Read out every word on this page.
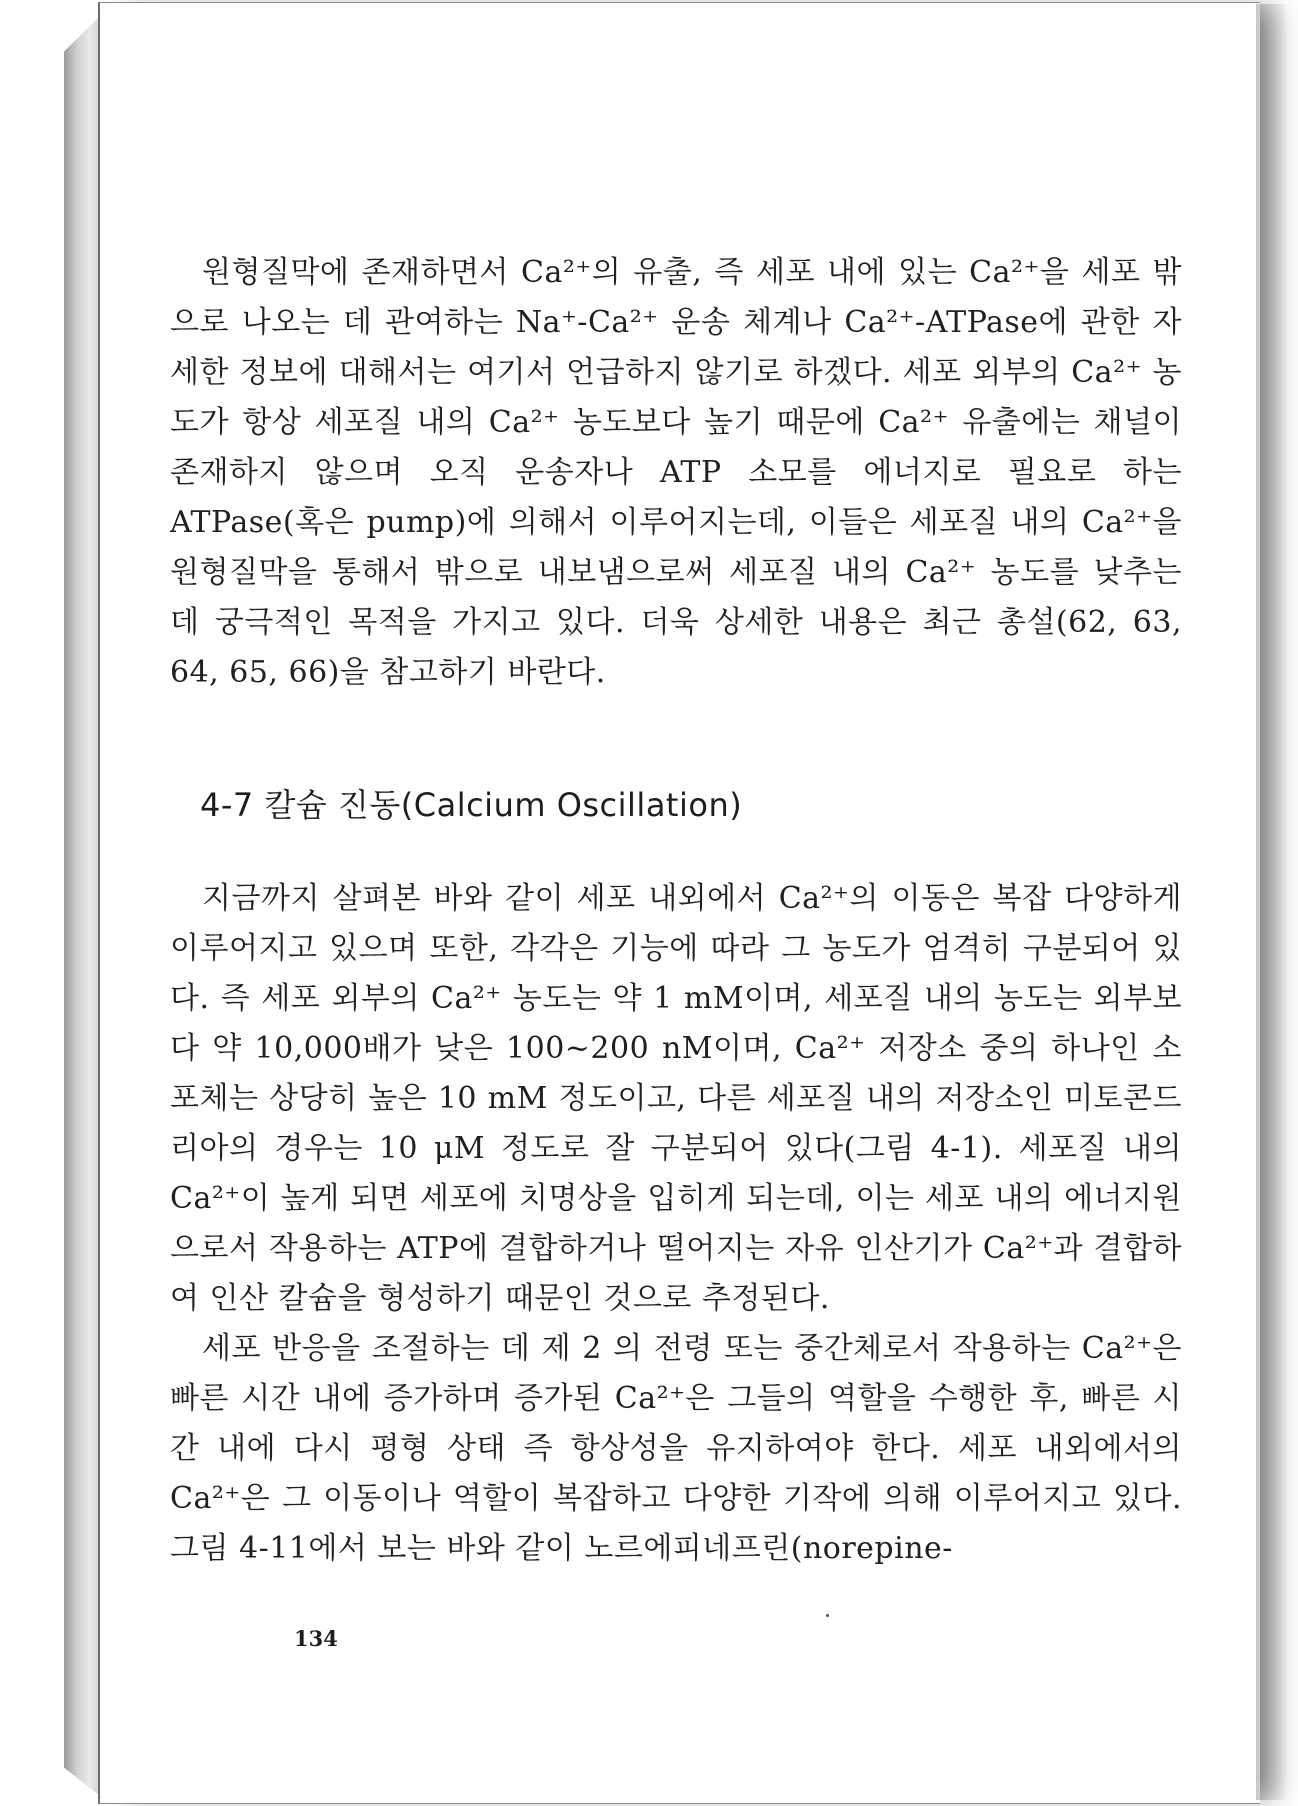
원형질막에 존재하면서 Ca²⁺의 유출, 즉 세포 내에 있는 Ca²⁺을 세포 밖으로 나오는 데 관여하는 Na⁺-Ca²⁺ 운송 체계나 Ca²⁺-ATPase에 관한 자세한 정보에 대해서는 여기서 언급하지 않기로 하겠다. 세포 외부의 Ca²⁺ 농도가 항상 세포질 내의 Ca²⁺ 농도보다 높기 때문에 Ca²⁺ 유출에는 채널이 존재하지 않으며 오직 운송자나 ATP 소모를 에너지로 필요로 하는 ATPase(혹은 pump)에 의해서 이루어지는데, 이들은 세포질 내의 Ca²⁺을 원형질막을 통해서 밖으로 내보냄으로써 세포질 내의 Ca²⁺ 농도를 낮추는 데 궁극적인 목적을 가지고 있다. 더욱 상세한 내용은 최근 총설(62, 63, 64, 65, 66)을 참고하기 바란다.

4-7 칼슘 진동(Calcium Oscillation)

지금까지 살펴본 바와 같이 세포 내외에서 Ca²⁺의 이동은 복잡 다양하게 이루어지고 있으며 또한, 각각은 기능에 따라 그 농도가 엄격히 구분되어 있다. 즉 세포 외부의 Ca²⁺ 농도는 약 1 mM이며, 세포질 내의 농도는 외부보다 약 10,000배가 낮은 100~200 nM이며, Ca²⁺ 저장소 중의 하나인 소포체는 상당히 높은 10 mM 정도이고, 다른 세포질 내의 저장소인 미토콘드리아의 경우는 10 μM 정도로 잘 구분되어 있다(그림 4-1). 세포질 내의 Ca²⁺이 높게 되면 세포에 치명상을 입히게 되는데, 이는 세포 내의 에너지원으로서 작용하는 ATP에 결합하거나 떨어지는 자유 인산기가 Ca²⁺과 결합하여 인산 칼슘을 형성하기 때문인 것으로 추정된다.

세포 반응을 조절하는 데 제 2 의 전령 또는 중간체로서 작용하는 Ca²⁺은 빠른 시간 내에 증가하며 증가된 Ca²⁺은 그들의 역할을 수행한 후, 빠른 시간 내에 다시 평형 상태 즉 항상성을 유지하여야 한다. 세포 내외에서의 Ca²⁺은 그 이동이나 역할이 복잡하고 다양한 기작에 의해 이루어지고 있다. 그림 4-11에서 보는 바와 같이 노르에피네프린(norepine-

134
